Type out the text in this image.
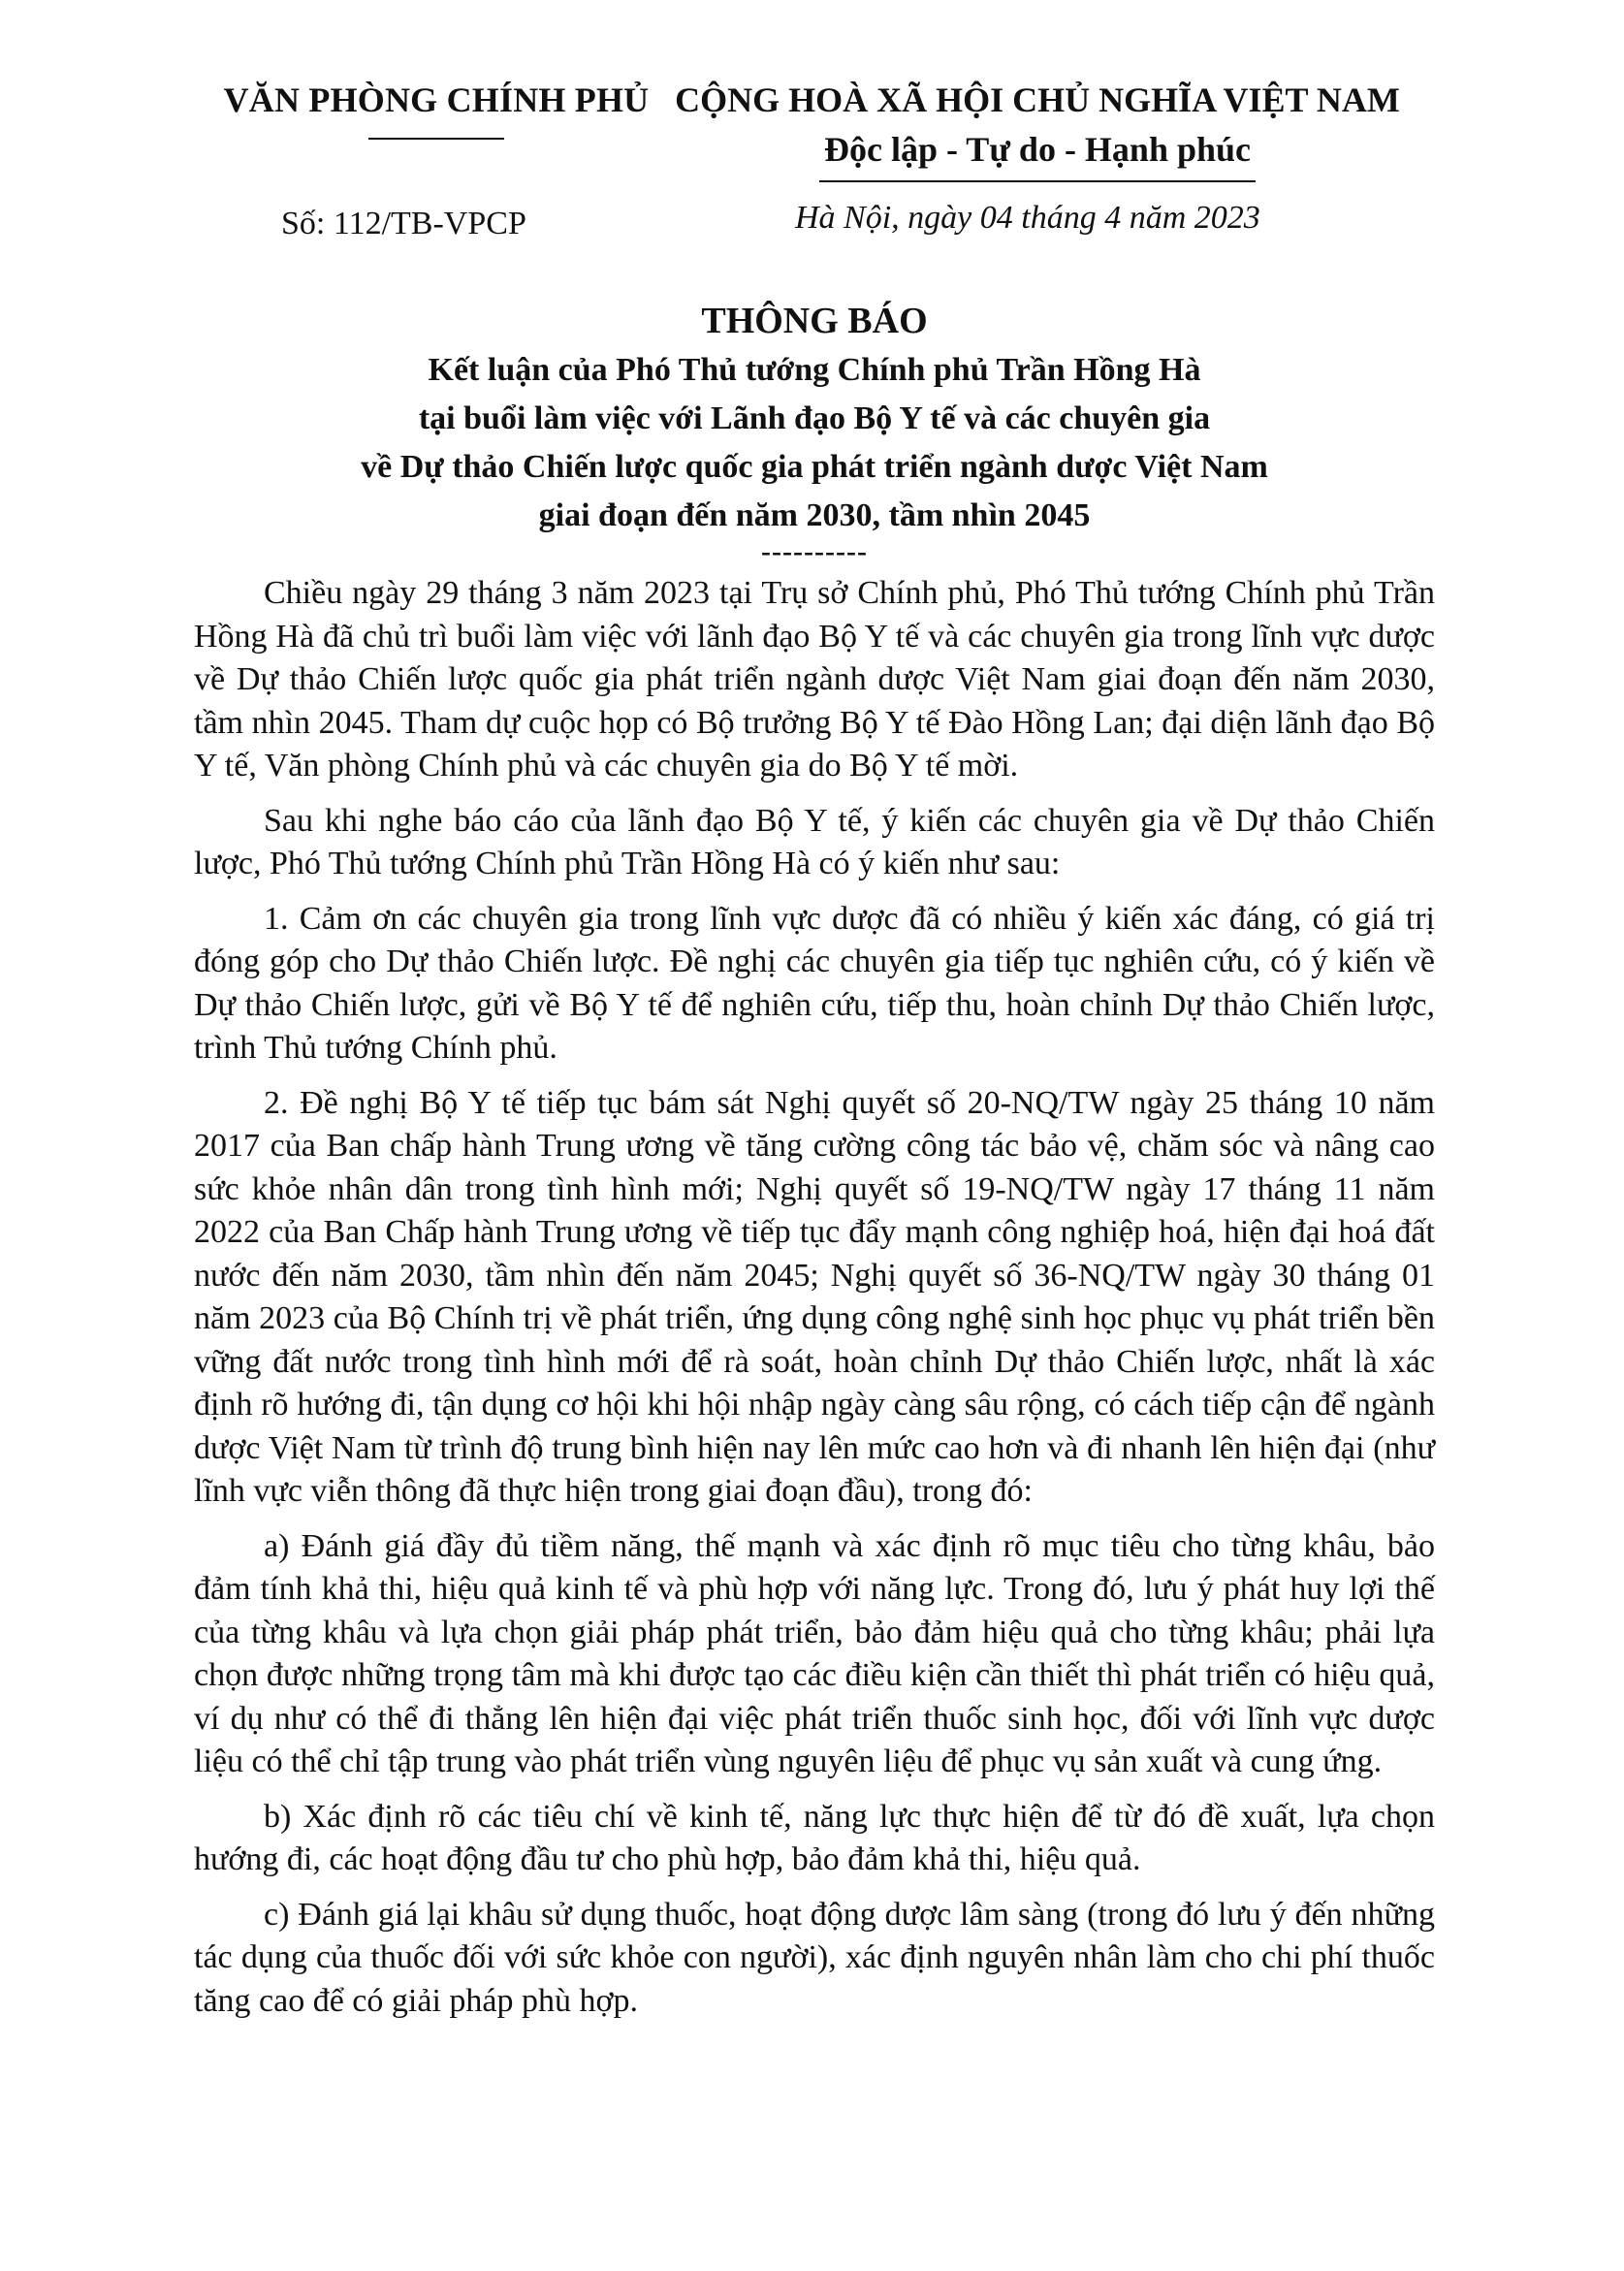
VĂN PHÒNG CHÍNH PHỦ CỘNG HOÀ XÃ HỘI CHỦ NGHĨA VIỆT NAM
Độc lập - Tự do - Hạnh phúc
Số: 112/TB-VPCP	Hà Nội, ngày 04 tháng 4 năm 2023
THÔNG BÁO
Kết luận của Phó Thủ tướng Chính phủ Trần Hồng Hà
tại buổi làm việc với Lãnh đạo Bộ Y tế và các chuyên gia
về Dự thảo Chiến lược quốc gia phát triển ngành dược Việt Nam
giai đoạn đến năm 2030, tầm nhìn 2045
----------

Chiều ngày 29 tháng 3 năm 2023 tại Trụ sở Chính phủ, Phó Thủ tướng Chính phủ Trần Hồng Hà đã chủ trì buổi làm việc với lãnh đạo Bộ Y tế và các chuyên gia trong lĩnh vực dược về Dự thảo Chiến lược quốc gia phát triển ngành dược Việt Nam giai đoạn đến năm 2030, tầm nhìn 2045. Tham dự cuộc họp có Bộ trưởng Bộ Y tế Đào Hồng Lan; đại diện lãnh đạo Bộ Y tế, Văn phòng Chính phủ và các chuyên gia do Bộ Y tế mời.

Sau khi nghe báo cáo của lãnh đạo Bộ Y tế, ý kiến các chuyên gia về Dự thảo Chiến lược, Phó Thủ tướng Chính phủ Trần Hồng Hà có ý kiến như sau:

1. Cảm ơn các chuyên gia trong lĩnh vực dược đã có nhiều ý kiến xác đáng, có giá trị đóng góp cho Dự thảo Chiến lược. Đề nghị các chuyên gia tiếp tục nghiên cứu, có ý kiến về Dự thảo Chiến lược, gửi về Bộ Y tế để nghiên cứu, tiếp thu, hoàn chỉnh Dự thảo Chiến lược, trình Thủ tướng Chính phủ.

2. Đề nghị Bộ Y tế tiếp tục bám sát Nghị quyết số 20-NQ/TW ngày 25 tháng 10 năm 2017 của Ban chấp hành Trung ương về tăng cường công tác bảo vệ, chăm sóc và nâng cao sức khỏe nhân dân trong tình hình mới; Nghị quyết số 19-NQ/TW ngày 17 tháng 11 năm 2022 của Ban Chấp hành Trung ương về tiếp tục đẩy mạnh công nghiệp hoá, hiện đại hoá đất nước đến năm 2030, tầm nhìn đến năm 2045; Nghị quyết số 36-NQ/TW ngày 30 tháng 01 năm 2023 của Bộ Chính trị về phát triển, ứng dụng công nghệ sinh học phục vụ phát triển bền vững đất nước trong tình hình mới để rà soát, hoàn chỉnh Dự thảo Chiến lược, nhất là xác định rõ hướng đi, tận dụng cơ hội khi hội nhập ngày càng sâu rộng, có cách tiếp cận để ngành dược Việt Nam từ trình độ trung bình hiện nay lên mức cao hơn và đi nhanh lên hiện đại (như lĩnh vực viễn thông đã thực hiện trong giai đoạn đầu), trong đó:

a) Đánh giá đầy đủ tiềm năng, thế mạnh và xác định rõ mục tiêu cho từng khâu, bảo đảm tính khả thi, hiệu quả kinh tế và phù hợp với năng lực. Trong đó, lưu ý phát huy lợi thế của từng khâu và lựa chọn giải pháp phát triển, bảo đảm hiệu quả cho từng khâu; phải lựa chọn được những trọng tâm mà khi được tạo các điều kiện cần thiết thì phát triển có hiệu quả, ví dụ như có thể đi thẳng lên hiện đại việc phát triển thuốc sinh học, đối với lĩnh vực dược liệu có thể chỉ tập trung vào phát triển vùng nguyên liệu để phục vụ sản xuất và cung ứng.

b) Xác định rõ các tiêu chí về kinh tế, năng lực thực hiện để từ đó đề xuất, lựa chọn hướng đi, các hoạt động đầu tư cho phù hợp, bảo đảm khả thi, hiệu quả.

c) Đánh giá lại khâu sử dụng thuốc, hoạt động dược lâm sàng (trong đó lưu ý đến những tác dụng của thuốc đối với sức khỏe con người), xác định nguyên nhân làm cho chi phí thuốc tăng cao để có giải pháp phù hợp.
